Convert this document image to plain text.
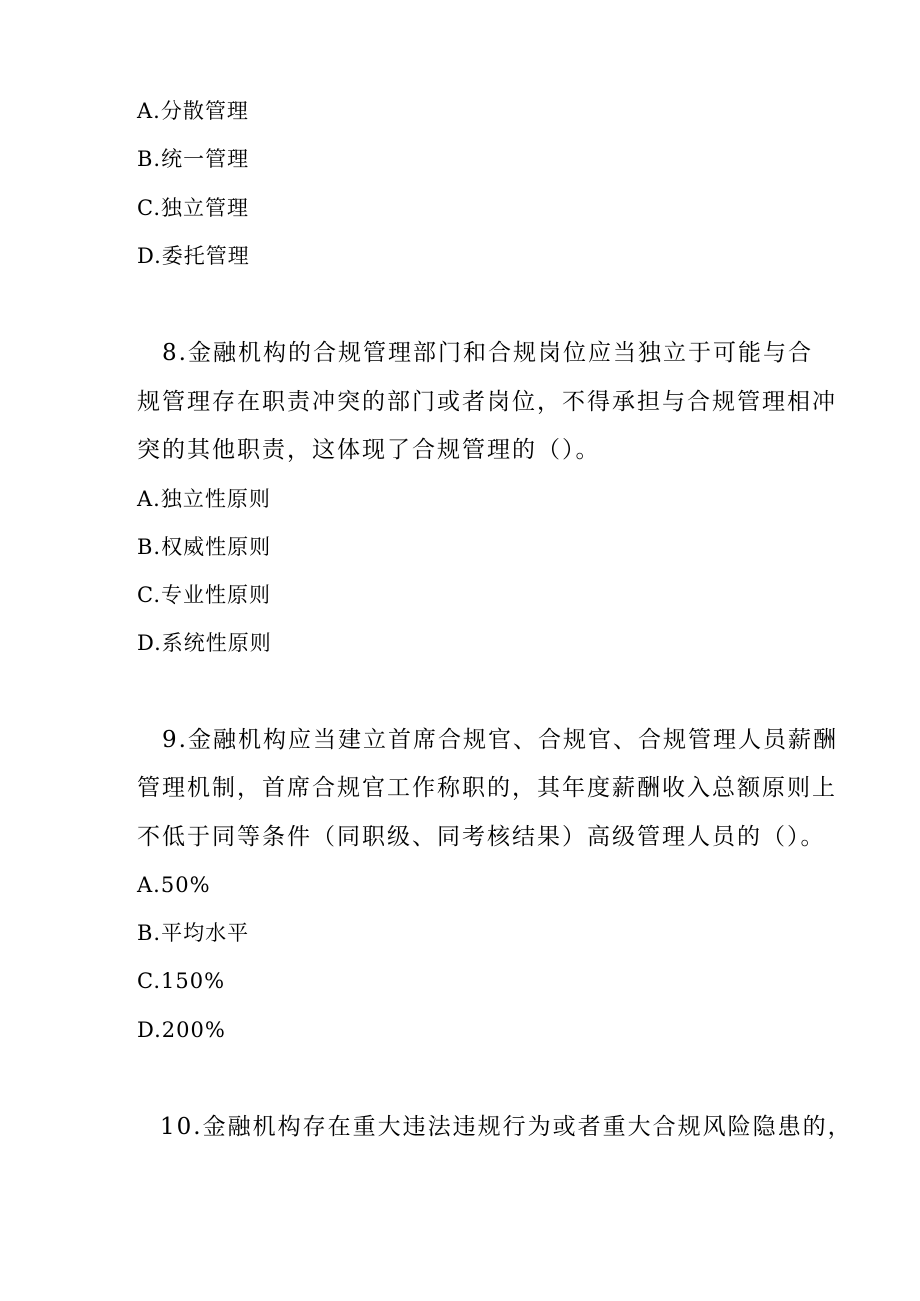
A.分散管理
B.统一管理
C.独立管理
D.委托管理
8.金融机构的合规管理部门和合规岗位应当独立于可能与合
规管理存在职责冲突的部门或者岗位，不得承担与合规管理相冲
突的其他职责，这体现了合规管理的（）。
A.独立性原则
B.权威性原则
C.专业性原则
D.系统性原则
9.金融机构应当建立首席合规官、合规官、合规管理人员薪酬
管理机制，首席合规官工作称职的，其年度薪酬收入总额原则上
不低于同等条件（同职级、同考核结果）高级管理人员的（）。
A.50%
B.平均水平
C.150%
D.200%
10.金融机构存在重大违法违规行为或者重大合规风险隐患的，
